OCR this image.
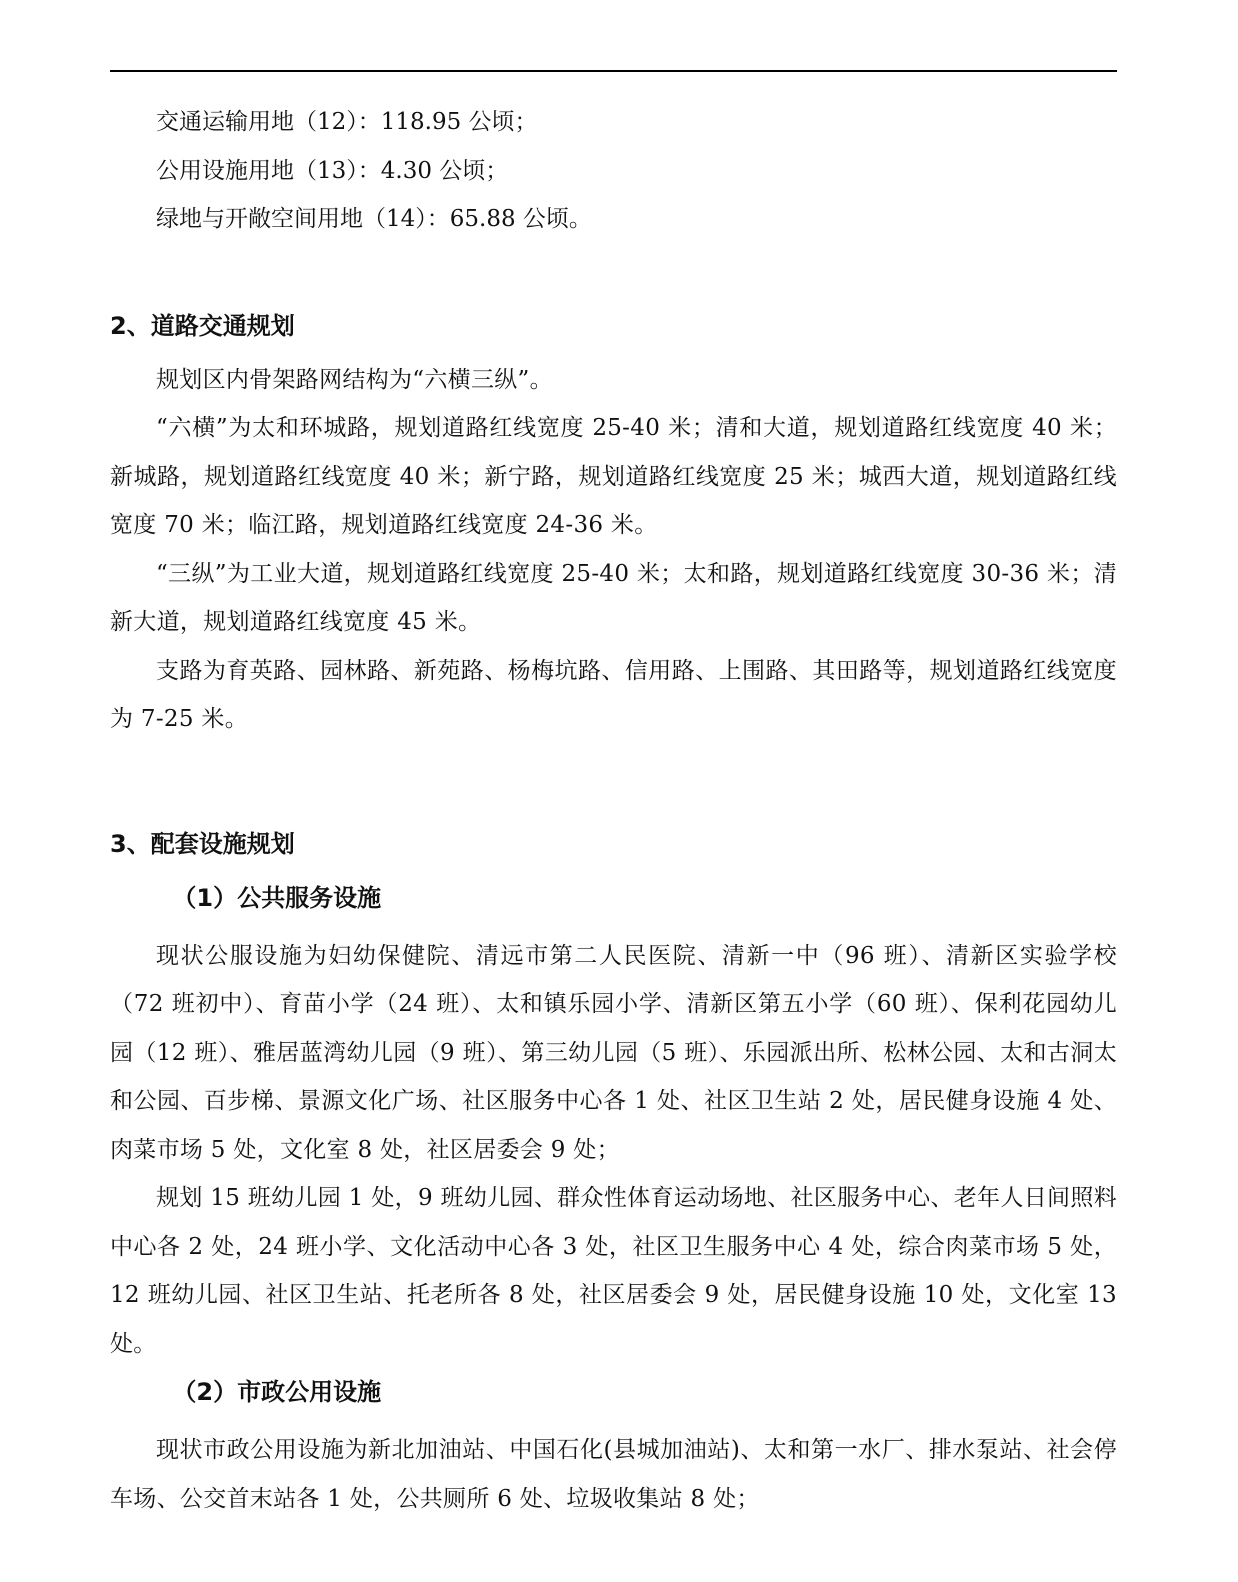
交通运输用地（12）：118.95 公顷；

公用设施用地（13）：4.30 公顷；

绿地与开敞空间用地（14）：65.88 公顷。

2、道路交通规划

规划区内骨架路网结构为“六横三纵”。

“六横”为太和环城路，规划道路红线宽度 25-40 米；清和大道，规划道路红线宽度 40 米；新城路，规划道路红线宽度 40 米；新宁路，规划道路红线宽度 25 米；城西大道，规划道路红线宽度 70 米；临江路，规划道路红线宽度 24-36 米。

“三纵”为工业大道，规划道路红线宽度 25-40 米；太和路，规划道路红线宽度 30-36 米；清新大道，规划道路红线宽度 45 米。

支路为育英路、园林路、新苑路、杨梅坑路、信用路、上围路、其田路等，规划道路红线宽度为 7-25 米。

3、配套设施规划
（1）公共服务设施

现状公服设施为妇幼保健院、清远市第二人民医院、清新一中（96 班）、清新区实验学校（72 班初中）、育苗小学（24 班）、太和镇乐园小学、清新区第五小学（60 班）、保利花园幼儿园（12 班）、雅居蓝湾幼儿园（9 班）、第三幼儿园（5 班）、乐园派出所、松林公园、太和古洞太和公园、百步梯、景源文化广场、社区服务中心各 1 处、社区卫生站 2 处，居民健身设施 4 处、肉菜市场 5 处，文化室 8 处，社区居委会 9 处；

规划 15 班幼儿园 1 处，9 班幼儿园、群众性体育运动场地、社区服务中心、老年人日间照料中心各 2 处，24 班小学、文化活动中心各 3 处，社区卫生服务中心 4 处，综合肉菜市场 5 处，12 班幼儿园、社区卫生站、托老所各 8 处，社区居委会 9 处，居民健身设施 10 处，文化室 13 处。

（2）市政公用设施

现状市政公用设施为新北加油站、中国石化(县城加油站)、太和第一水厂、排水泵站、社会停车场、公交首末站各 1 处，公共厕所 6 处、垃圾收集站 8 处；
